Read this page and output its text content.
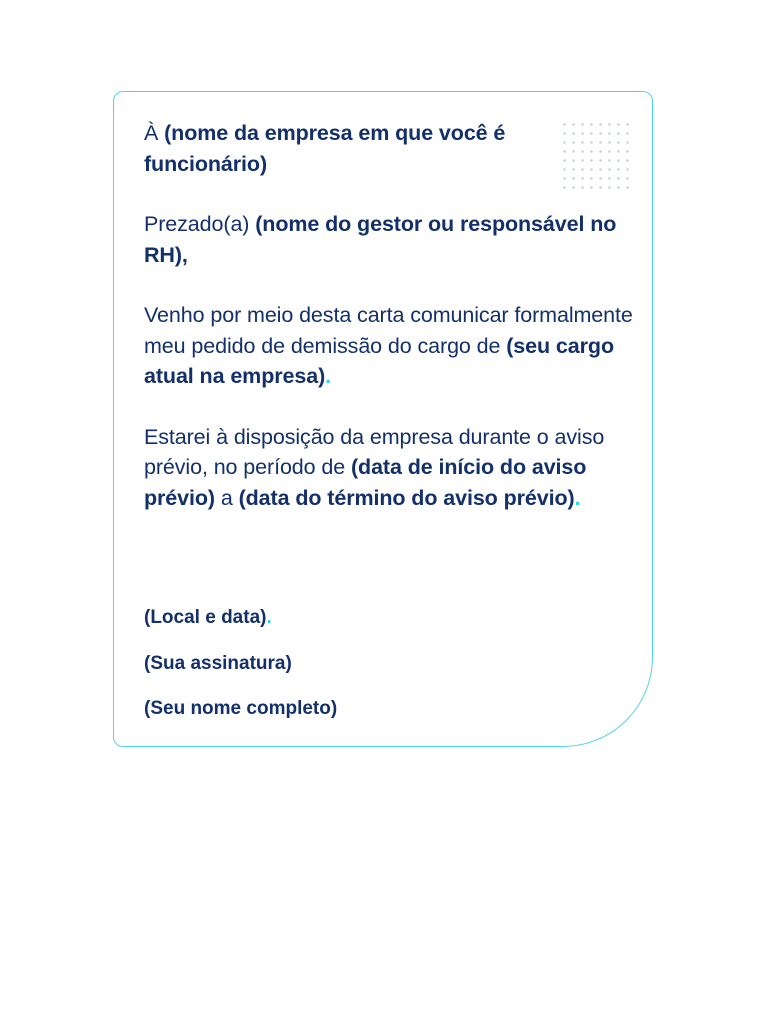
À (nome da empresa em que você é funcionário)

Prezado(a) (nome do gestor ou responsável no RH),

Venho por meio desta carta comunicar formalmente meu pedido de demissão do cargo de (seu cargo atual na empresa).

Estarei à disposição da empresa durante o aviso prévio, no período de (data de início do aviso prévio) a (data do término do aviso prévio).

(Local e data).

(Sua assinatura)

(Seu nome completo)
